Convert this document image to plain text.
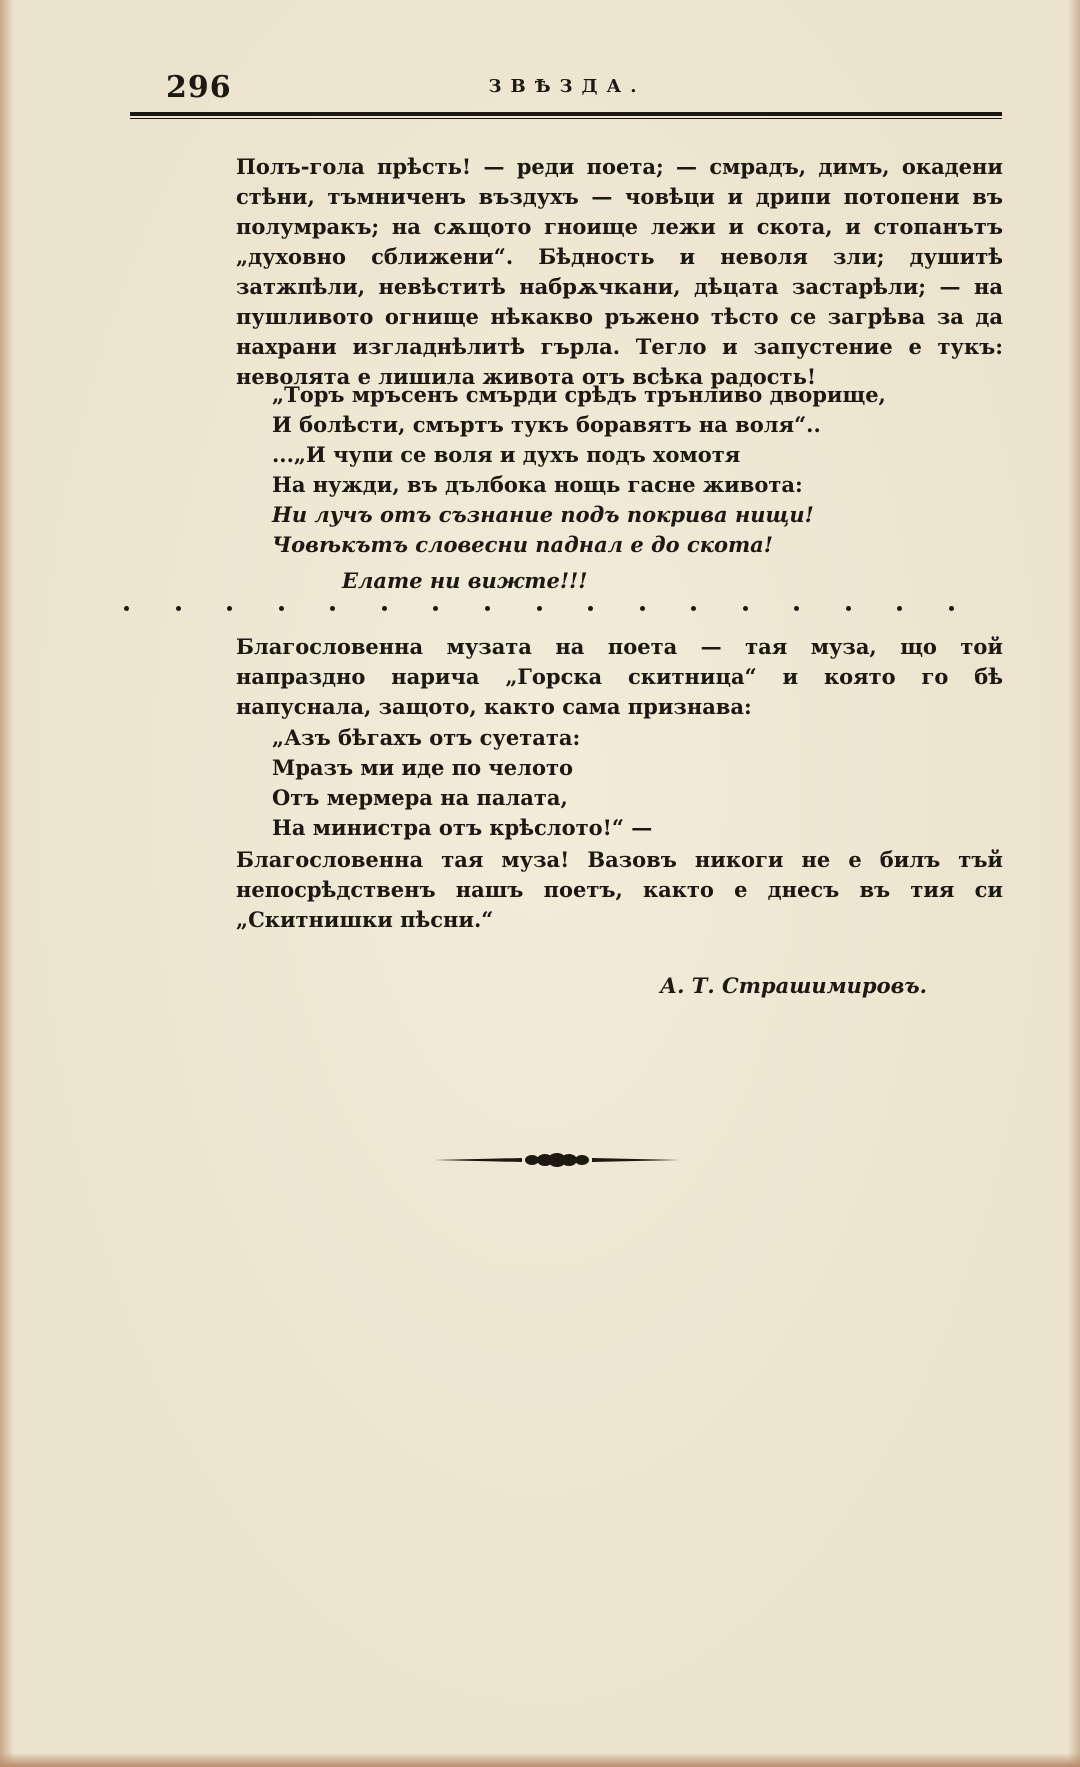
296	ЗВѢЗДА.
Полъ-гола прѣсть! — реди поета; — смрадъ, димъ, окадени стѣни, тъмниченъ въздухъ — човѣци и дрипи потопени въ полумракъ; на сѫщото гноище лежи и скота, и стопанътъ „духовно сближени“. Бѣдность и неволя зли; душитѣ затжпѣли, невѣститѣ набрѫчкани, дѣцата застарѣли; — на пушливото огнище нѣкакво ръжено тѣсто се загрѣва за да нахрани изгладнѣлитѣ гърла. Тегло и запустение е тукъ: неволята е лишила живота отъ всѣка радость!
„Торъ мръсенъ смърди срѣдъ трънливо дворище,
И болѣсти, смъртъ тукъ боравятъ на воля“..
...„И чупи се воля и духъ подъ хомотя
На нужди, въ дълбока нощь гасне живота:
Ни лучъ отъ съзнание подъ покрива нищи!
Човѣкътъ словесни паднал е до скота!
Елате ни вижте!!!
Благословенна музата на поета — тая муза, що той напраздно нарича „Горска скитница“ и която го бѣ напуснала, защото, както сама признава:
„Азъ бѣгахъ отъ суетата:
Мразъ ми иде по челото
Отъ мермера на палата,
На министра отъ крѣслото!“ —
Благословенна тая муза! Вазовъ никоги не е билъ тъй непосрѣдственъ нашъ поетъ, както е днесъ въ тия си „Скитнишки пѣсни.“
А. Т. Страшимировъ.
